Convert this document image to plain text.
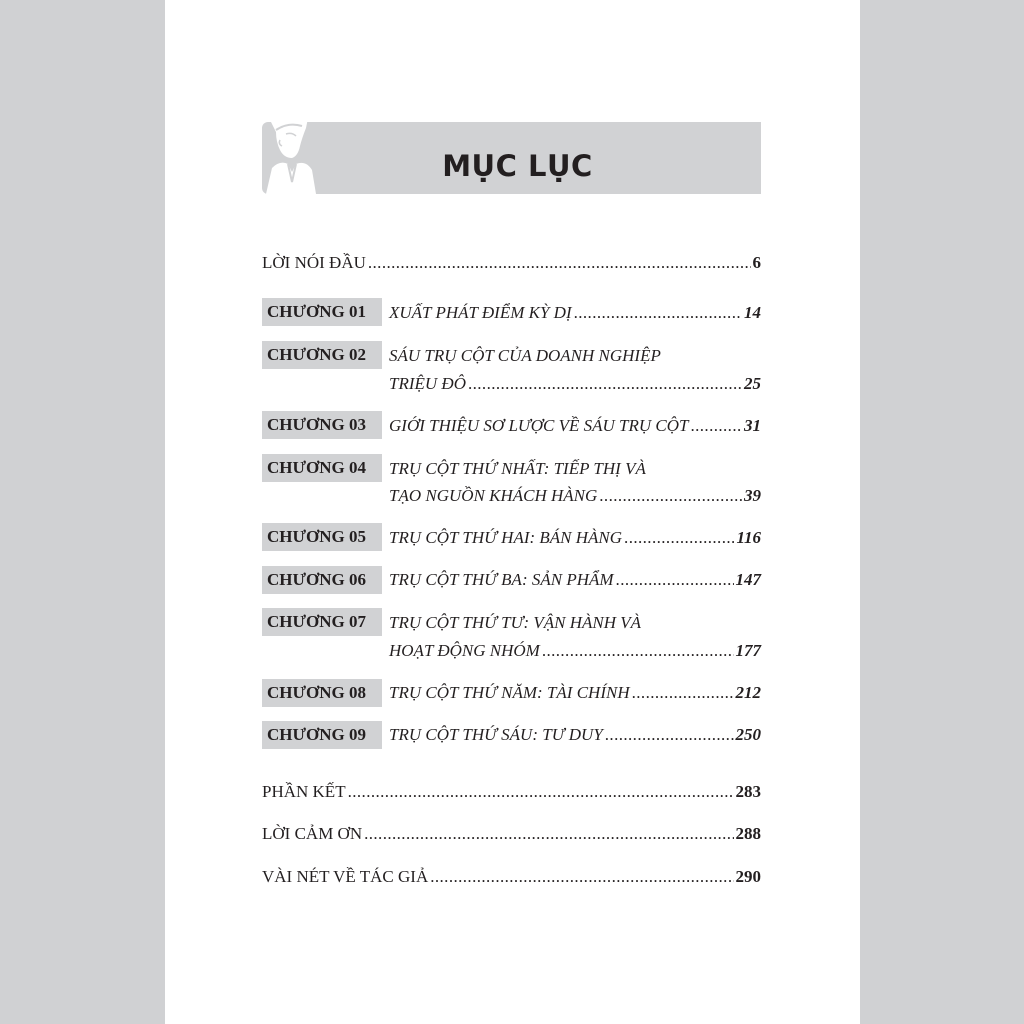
MỤC LỤC
LỜI NÓI ĐẦU .....	6
CHƯƠNG 01	XUẤT PHÁT ĐIỂM KỲ DỊ .....	14
CHƯƠNG 02	SÁU TRỤ CỘT CỦA DOANH NGHIỆP
TRIỆU ĐÔ .....	25
CHƯƠNG 03	GIỚI THIỆU SƠ LƯỢC VỀ SÁU TRỤ CỘT .....	31
CHƯƠNG 04	TRỤ CỘT THỨ NHẤT: TIẾP THỊ VÀ
TẠO NGUỒN KHÁCH HÀNG .....	39
CHƯƠNG 05	TRỤ CỘT THỨ HAI: BÁN HÀNG .....	116
CHƯƠNG 06	TRỤ CỘT THỨ BA: SẢN PHẨM .....	147
CHƯƠNG 07	TRỤ CỘT THỨ TƯ: VẬN HÀNH VÀ
HOẠT ĐỘNG NHÓM .....	177
CHƯƠNG 08	TRỤ CỘT THỨ NĂM: TÀI CHÍNH .....	212
CHƯƠNG 09	TRỤ CỘT THỨ SÁU: TƯ DUY .....	250
PHẦN KẾT .....	283
LỜI CẢM ƠN .....	288
VÀI NÉT VỀ TÁC GIẢ .....	290
